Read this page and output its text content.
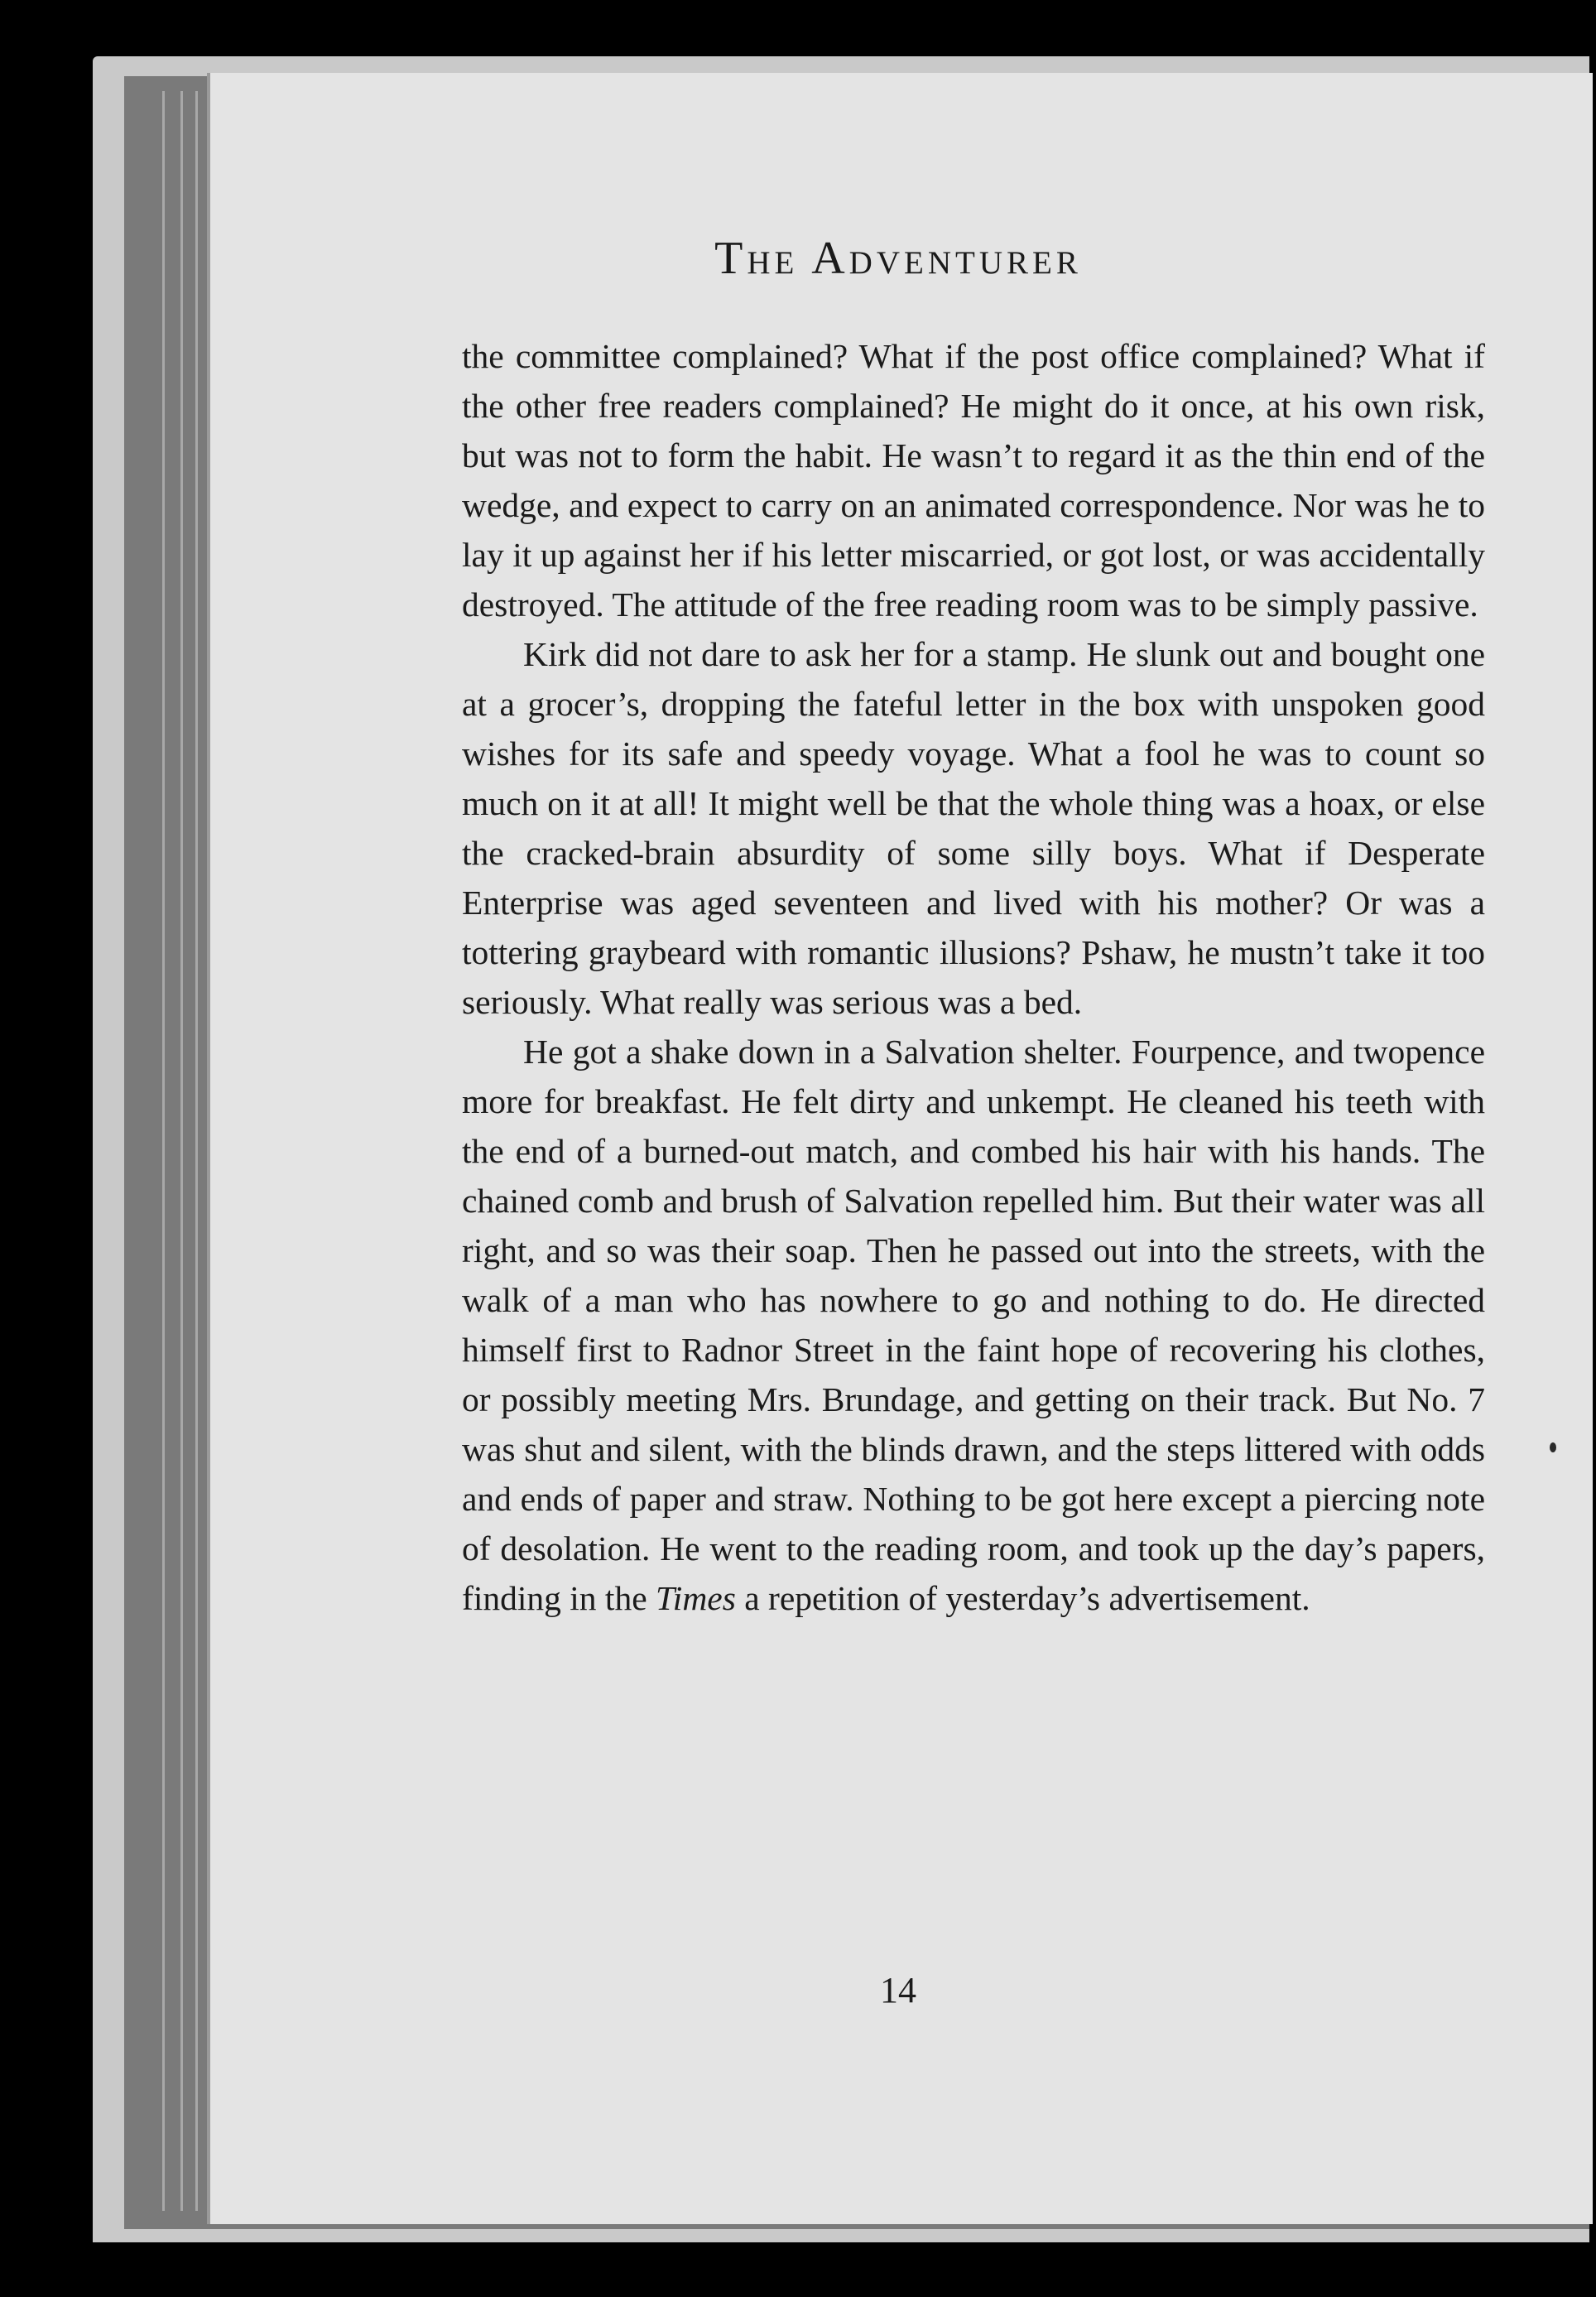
The Adventurer

the committee complained? What if the post office complained? What if the other free readers complained? He might do it once, at his own risk, but was not to form the habit. He wasn’t to regard it as the thin end of the wedge, and expect to carry on an animated correspondence. Nor was he to lay it up against her if his letter miscarried, or got lost, or was accidentally destroyed. The attitude of the free reading room was to be simply passive.

Kirk did not dare to ask her for a stamp. He slunk out and bought one at a grocer’s, dropping the fateful letter in the box with unspoken good wishes for its safe and speedy voyage. What a fool he was to count so much on it at all! It might well be that the whole thing was a hoax, or else the cracked-brain absurdity of some silly boys. What if Desperate Enterprise was aged seventeen and lived with his mother? Or was a tottering graybeard with romantic illusions? Pshaw, he mustn’t take it too seriously. What really was serious was a bed.

He got a shake down in a Salvation shelter. Fourpence, and twopence more for breakfast. He felt dirty and unkempt. He cleaned his teeth with the end of a burned-out match, and combed his hair with his hands. The chained comb and brush of Salvation repelled him. But their water was all right, and so was their soap. Then he passed out into the streets, with the walk of a man who has nowhere to go and nothing to do. He directed himself first to Radnor Street in the faint hope of recovering his clothes, or possibly meeting Mrs. Brundage, and getting on their track. But No. 7 was shut and silent, with the blinds drawn, and the steps littered with odds and ends of paper and straw. Nothing to be got here except a piercing note of desolation. He went to the reading room, and took up the day’s papers, finding in the Times a repetition of yesterday’s advertisement.

14
